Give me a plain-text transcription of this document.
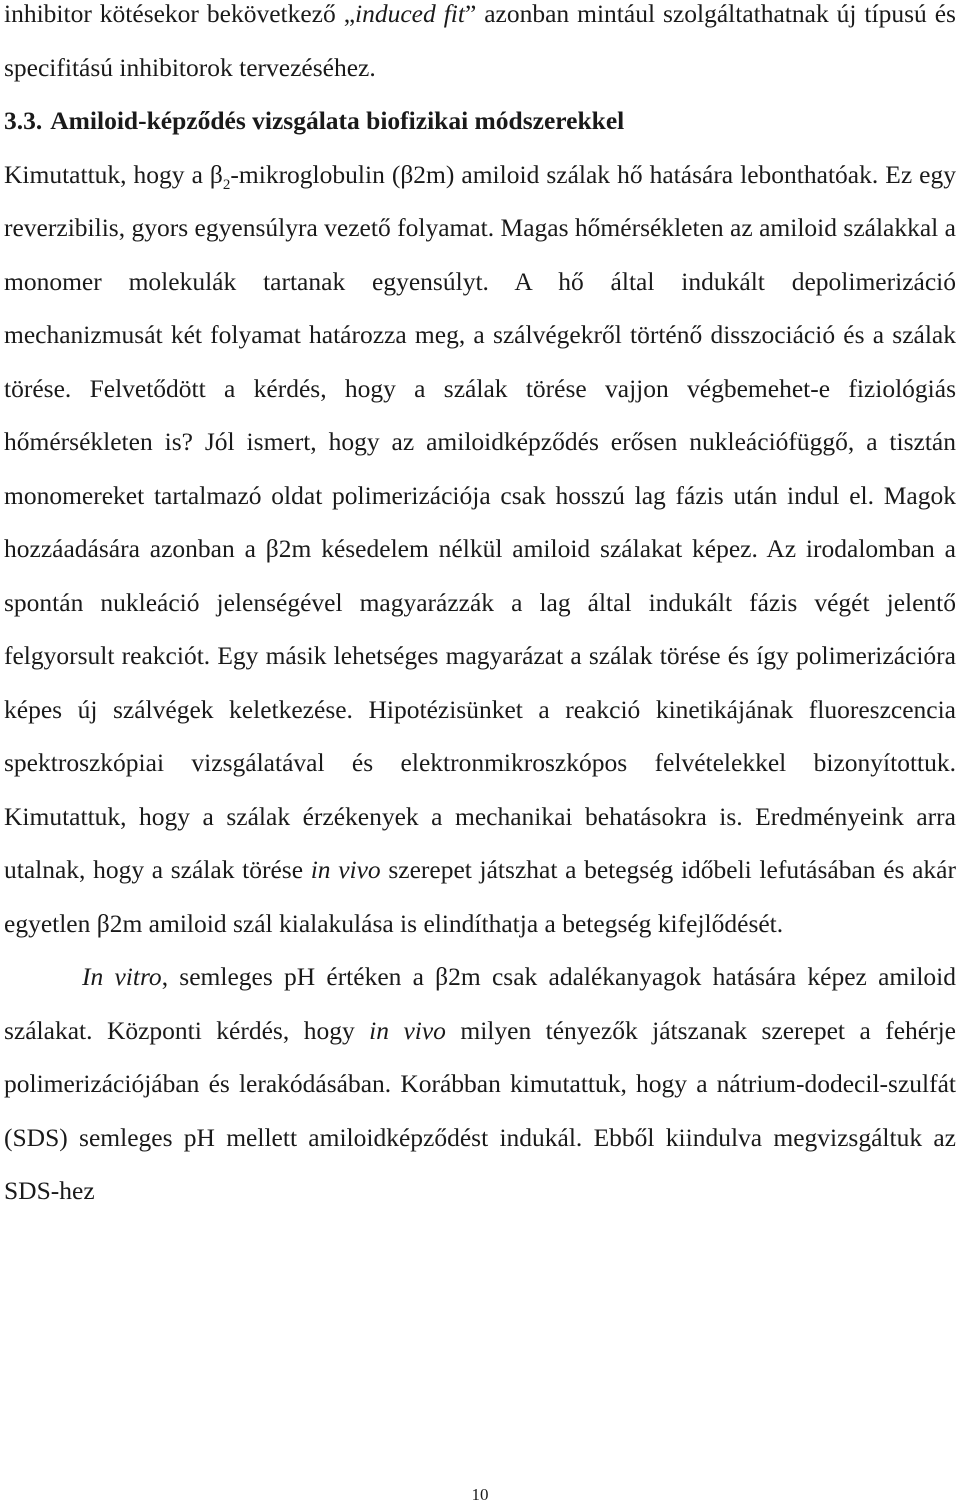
inhibitor kötésekor bekövetkező „induced fit” azonban mintául szolgáltathatnak új típusú és specifitású inhibitorok tervezéséhez.

3.3. Amiloid-képződés vizsgálata biofizikai módszerekkel

Kimutattuk, hogy a $\beta_2$-mikroglobulin (β2m) amiloid szálak hő hatására lebonthatóak. Ez egy reverzibilis, gyors egyensúlyra vezető folyamat. Magas hőmérsékleten az amiloid szálakkal a monomer molekulák tartanak egyensúlyt. A hő által indukált depolimerizáció mechanizmusát két folyamat határozza meg, a szálvégekről történő disszociáció és a szálak törése. Felvetődött a kérdés, hogy a szálak törése vajjon végbemehet-e fiziológiás hőmérsékleten is? Jól ismert, hogy az amiloidképződés erősen nukleációfüggő, a tisztán monomereket tartalmazó oldat polimerizációja csak hosszú lag fázis után indul el. Magok hozzáadására azonban a β2m késedelem nélkül amiloid szálakat képez. Az irodalomban a spontán nukleáció jelenségével magyarázzák a lag által indukált fázis végét jelentő felgyorsult reakciót. Egy másik lehetséges magyarázat a szálak törése és így polimerizációra képes új szálvégek keletkezése. Hipotézisünket a reakció kinetikájának fluoreszcencia spektroszkópiai vizsgálatával és elektronmikroszkópos felvételekkel bizonyítottuk. Kimutattuk, hogy a szálak érzékenyek a mechanikai behatásokra is. Eredményeink arra utalnak, hogy a szálak törése in vivo szerepet játszhat a betegség időbeli lefutásában és akár egyetlen β2m amiloid szál kialakulása is elindíthatja a betegség kifejlődését.

In vitro, semleges pH értéken a β2m csak adalékanyagok hatására képez amiloid szálakat. Központi kérdés, hogy in vivo milyen tényezők játszanak szerepet a fehérje polimerizációjában és lerakódásában. Korábban kimutattuk, hogy a nátrium-dodecil-szulfát (SDS) semleges pH mellett amiloidképződést indukál. Ebből kiindulva megvizsgáltuk az SDS-hez

10
